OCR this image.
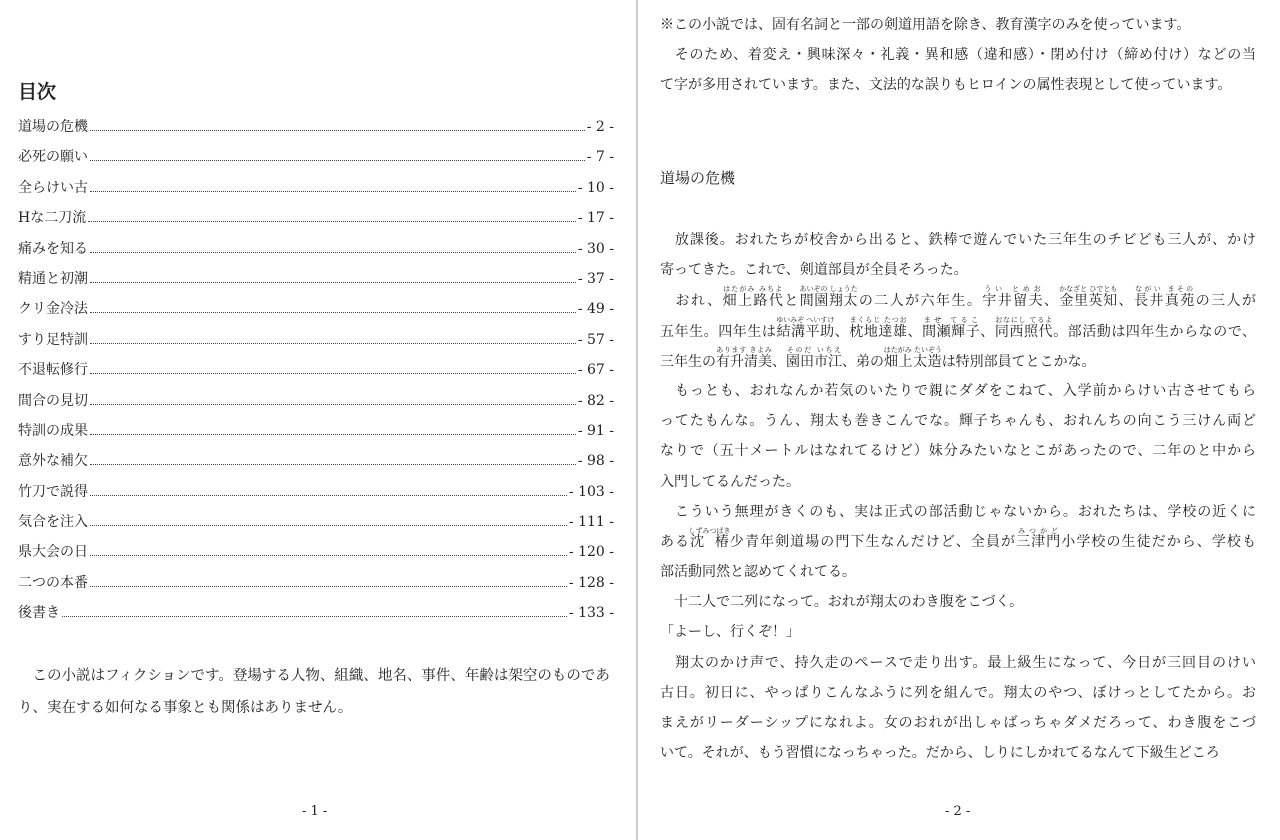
目次
道場の危機	- 2 -
必死の願い	- 7 -
全らけい古	- 10 -
Hな二刀流	- 17 -
痛みを知る	- 30 -
精通と初潮	- 37 -
クリ金冷法	- 49 -
すり足特訓	- 57 -
不退転修行	- 67 -
間合の見切	- 82 -
特訓の成果	- 91 -
意外な補欠	- 98 -
竹刀で説得	- 103 -
気合を注入	- 111 -
県大会の日	- 120 -
二つの本番	- 128 -
後書き	- 133 -
　この小説はフィクションです。登場する人物、組織、地名、事件、年齢は架空のものであり、実在する如何なる事象とも関係はありません。
- 1 -
※この小説では、固有名詞と一部の剣道用語を除き、教育漢字のみを使っています。
　そのため、着変え・興味深々・礼義・異和感（違和感）・閉め付け（締め付け）などの当
て字が多用されています。また、文法的な誤りもヒロインの属性表現として使っています。
道場の危機
　放課後。おれたちが校舎から出ると、鉄棒で遊んでいた三年生のチビども三人が、かけ
寄ってきた。これで、剣道部員が全員そろった。
　おれ、畑上路代はたがみ みちよと間園翔太あいぞの しょうたの二人が六年生。宇井留夫うい とめお、金里英知かなざと ひでとも、長井真苑ながい まそのの三人が
五年生。四年生は結溝平助ゆいみぞ へいすけ、枕地達雄まくらじ たつお、間瀬輝子ませ てるこ、同西照代おなにし てるよ。部活動は四年生からなので、
三年生の有升清美あります きよみ、園田市江そのだ いちえ、弟の畑上太造はたがみ たいぞうは特別部員てとこかな。
　もっとも、おれなんか若気のいたりで親にダダをこねて、入学前からけい古させてもら
ってたもんな。うん、翔太も巻きこんでな。輝子ちゃんも、おれんちの向こう三けん両ど
なりで（五十メートルはなれてるけど）妹分みたいなとこがあったので、二年のと中から
入門してるんだった。
　こういう無理がきくのも、実は正式の部活動じゃないから。おれたちは、学校の近くに
ある沈 椿しずみつばき少青年剣道場の門下生なんだけど、全員が三津門みつかど小学校の生徒だから、学校も
部活動同然と認めてくれてる。
　十二人で二列になって。おれが翔太のわき腹をこづく。
「よーし、行くぞ！」
　翔太のかけ声で、持久走のペースで走り出す。最上級生になって、今日が三回目のけい
古日。初日に、やっぱりこんなふうに列を組んで。翔太のやつ、ぼけっとしてたから。お
まえがリーダーシップになれよ。女のおれが出しゃばっちゃダメだろって、わき腹をこづ
いて。それが、もう習慣になっちゃった。だから、しりにしかれてるなんて下級生どころ
- 2 -
